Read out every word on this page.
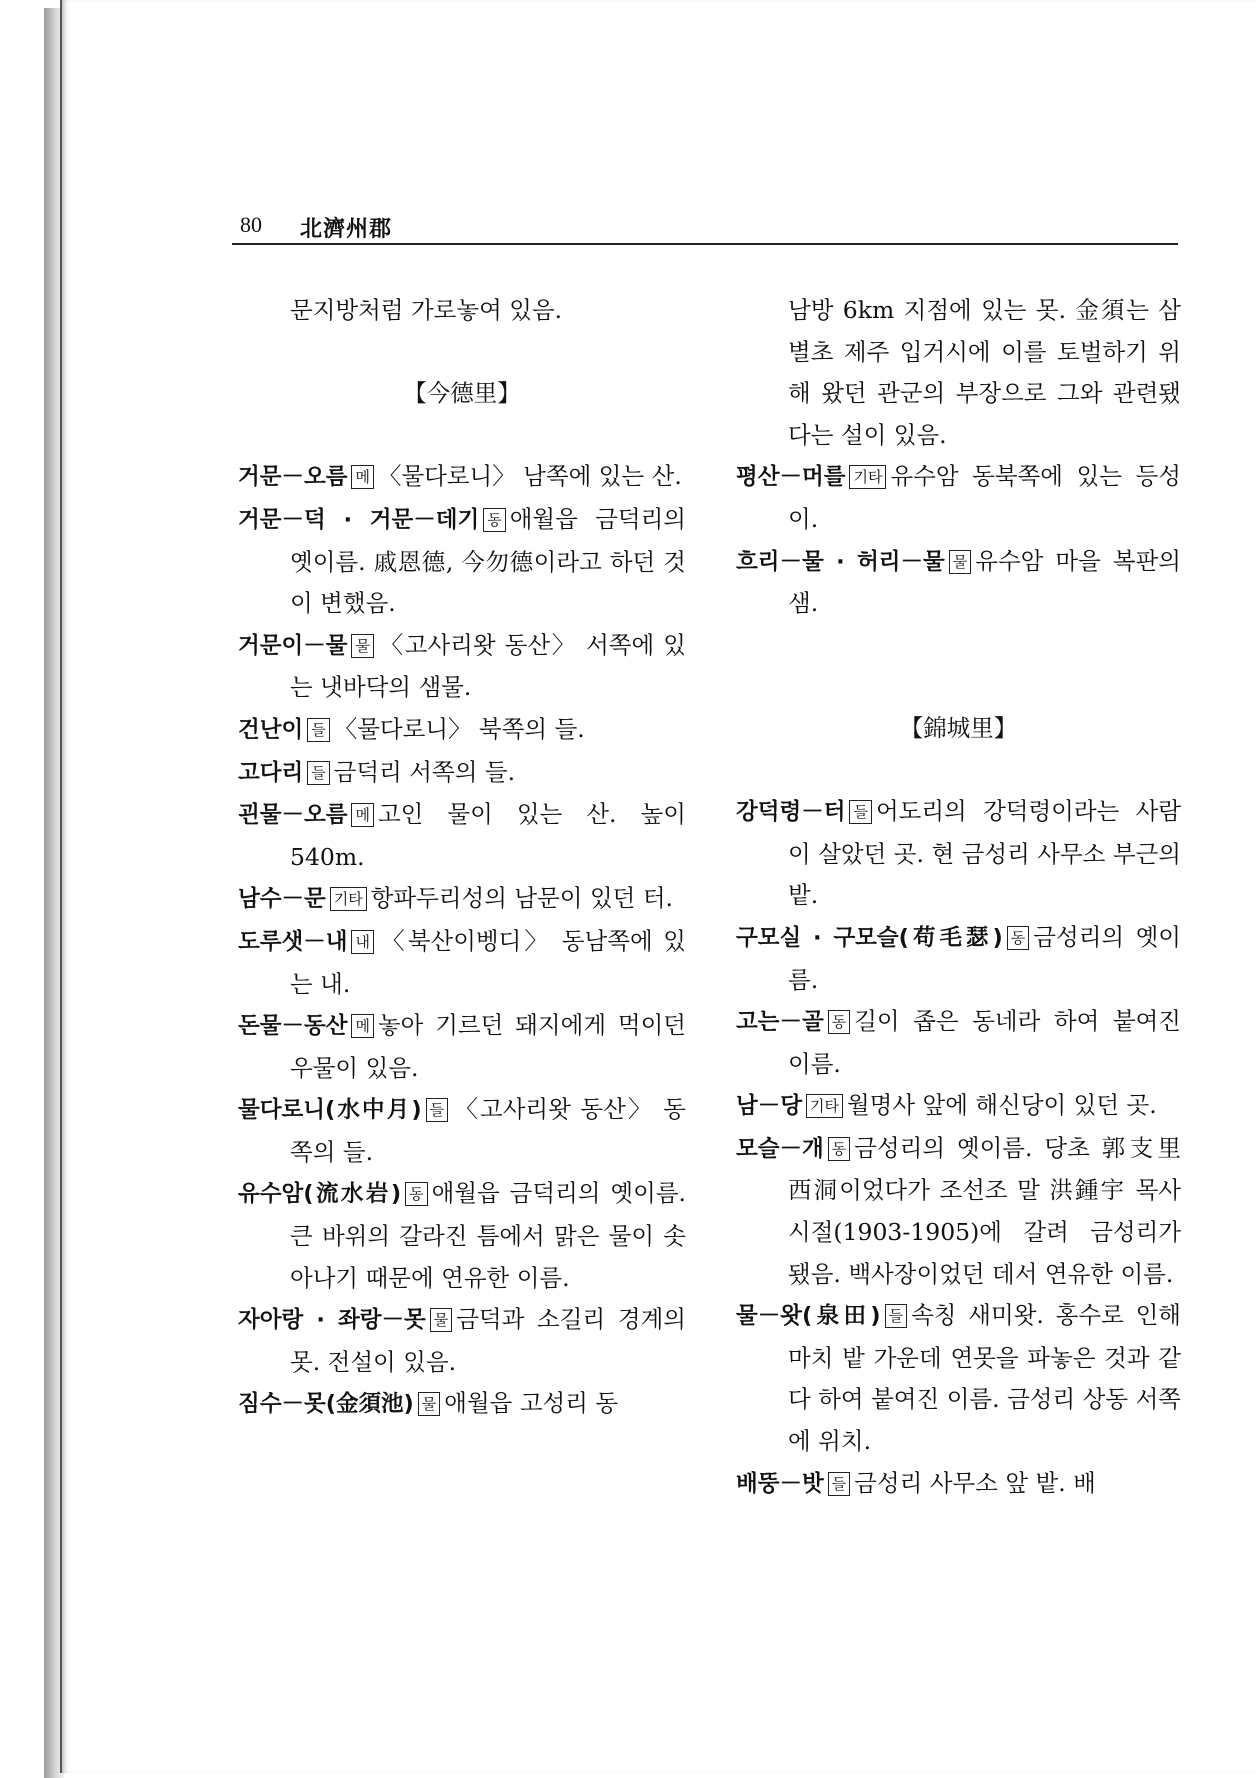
80 北濟州郡

문지방처럼 가로놓여 있음.

【今德里】

거문－오름 메 〈물다로니〉 남쪽에 있는 산.

거문－덕 · 거문－데기 동 애월읍 금덕리의 옛이름. 戚恩德, 今勿德이라고 하던 것이 변했음.

거문이－물 물 〈고사리왓 동산〉 서쪽에 있는 냇바닥의 샘물.

건난이 들 〈물다로니〉 북쪽의 들.

고다리 들 금덕리 서쪽의 들.

괸물－오름 메 고인 물이 있는 산. 높이 540m.

남수－문 기타 항파두리성의 남문이 있던 터.

도루샛－내 내 〈북산이벵디〉 동남쪽에 있는 내.

돈물－동산 메 놓아 기르던 돼지에게 먹이던 우물이 있음.

물다로니(水中月) 들 〈고사리왓 동산〉 동쪽의 들.

유수암(流水岩) 동 애월읍 금덕리의 옛이름. 큰 바위의 갈라진 틈에서 맑은 물이 솟아나기 때문에 연유한 이름.

자아랑 · 좌랑－못 물 금덕과 소길리 경계의 못. 전설이 있음.

짐수－못(金須池) 물 애월읍 고성리 동

남방 6km 지점에 있는 못. 金須는 삼별초 제주 입거시에 이를 토벌하기 위해 왔던 관군의 부장으로 그와 관련됐다는 설이 있음.

평산－머를 기타 유수암 동북쪽에 있는 등성이.

흐리－물 · 허리－물 물 유수암 마을 복판의 샘.

【錦城里】

강덕령－터 들 어도리의 강덕령이라는 사람이 살았던 곳. 현 금성리 사무소 부근의 밭.

구모실 · 구모슬(苟毛瑟) 동 금성리의 옛이름.

고는－골 동 길이 좁은 동네라 하여 붙여진 이름.

남－당 기타 월명사 앞에 해신당이 있던 곳.

모슬－개 동 금성리의 옛이름. 당초 郭支里 西洞이었다가 조선조 말 洪鍾宇 목사 시절(1903-1905)에 갈려 금성리가 됐음. 백사장이었던 데서 연유한 이름.

물－왓(泉田) 들 속칭 새미왓. 홍수로 인해 마치 밭 가운데 연못을 파놓은 것과 같다 하여 붙여진 이름. 금성리 상동 서쪽에 위치.

배뚱－밧 들 금성리 사무소 앞 밭. 배
